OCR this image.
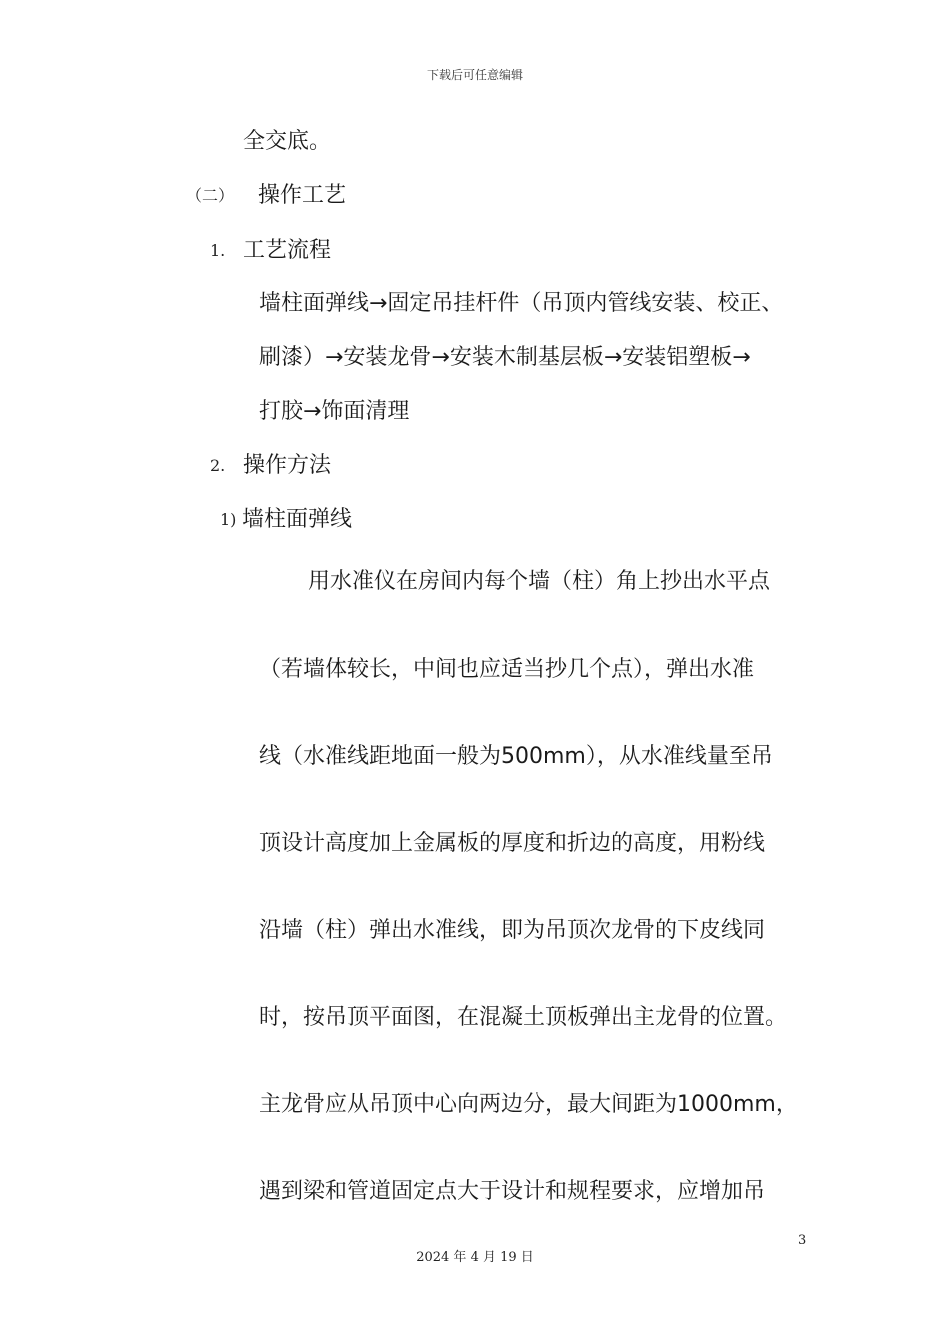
下载后可任意编辑
全交底。
（二） 操作工艺
1. 工艺流程
墙柱面弹线→固定吊挂杆件（吊顶内管线安装、校正、
刷漆）→安装龙骨→安装木制基层板→安装铝塑板→
打胶→饰面清理
2. 操作方法
1) 墙柱面弹线
用水准仪在房间内每个墙（柱）角上抄出水平点
（若墙体较长，中间也应适当抄几个点），弹出水准
线（水准线距地面一般为500mm），从水准线量至吊
顶设计高度加上金属板的厚度和折边的高度，用粉线
沿墙（柱）弹出水准线，即为吊顶次龙骨的下皮线同
时，按吊顶平面图，在混凝土顶板弹出主龙骨的位置。
主龙骨应从吊顶中心向两边分，最大间距为1000mm，
遇到梁和管道固定点大于设计和规程要求，应增加吊
3
2024 年 4 月 19 日
